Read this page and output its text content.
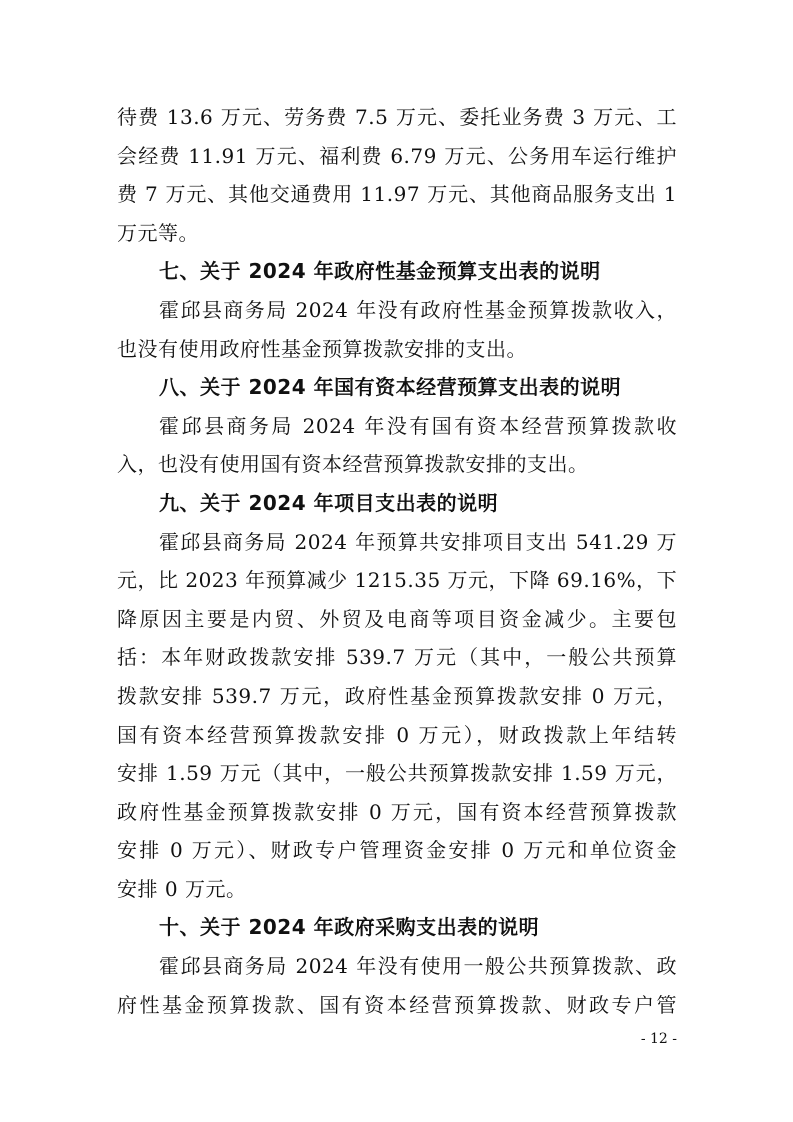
待费 13.6 万元、劳务费 7.5 万元、委托业务费 3 万元、工
会经费 11.91 万元、福利费 6.79 万元、公务用车运行维护
费 7 万元、其他交通费用 11.97 万元、其他商品服务支出 1
万元等。
七、关于 2024 年政府性基金预算支出表的说明
霍邱县商务局 2024 年没有政府性基金预算拨款收入，
也没有使用政府性基金预算拨款安排的支出。
八、关于 2024 年国有资本经营预算支出表的说明
霍邱县商务局 2024 年没有国有资本经营预算拨款收
入，也没有使用国有资本经营预算拨款安排的支出。
九、关于 2024 年项目支出表的说明
霍邱县商务局 2024 年预算共安排项目支出 541.29 万
元，比 2023 年预算减少 1215.35 万元，下降 69.16%，下
降原因主要是内贸、外贸及电商等项目资金减少。主要包
括：本年财政拨款安排 539.7 万元（其中，一般公共预算
拨款安排 539.7 万元，政府性基金预算拨款安排 0 万元，
国有资本经营预算拨款安排 0 万元），财政拨款上年结转
安排 1.59 万元（其中，一般公共预算拨款安排 1.59 万元，
政府性基金预算拨款安排 0 万元，国有资本经营预算拨款
安排 0 万元）、财政专户管理资金安排 0 万元和单位资金
安排 0 万元。
十、关于 2024 年政府采购支出表的说明
霍邱县商务局 2024 年没有使用一般公共预算拨款、政
府性基金预算拨款、国有资本经营预算拨款、财政专户管
- 12 -
